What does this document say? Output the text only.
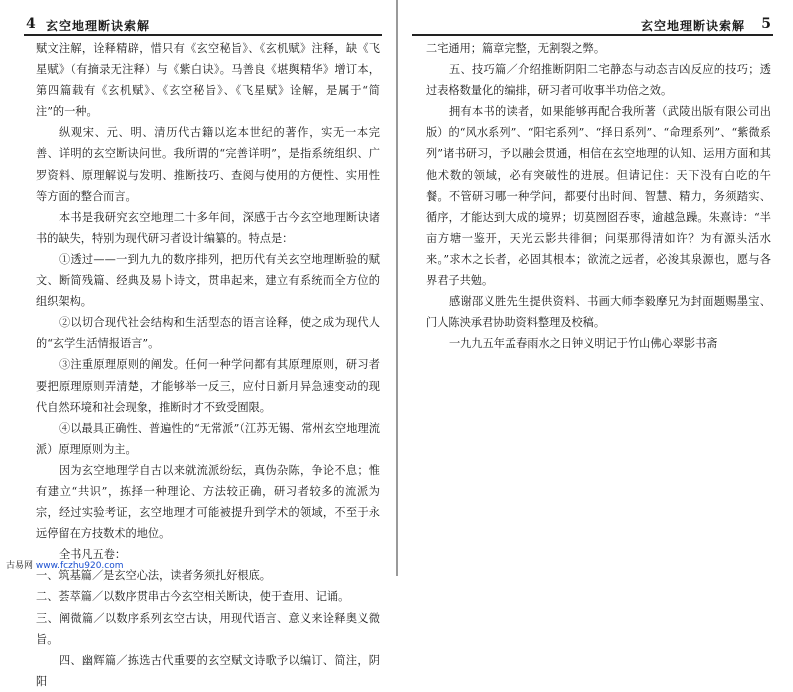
4 玄空地理断诀索解

赋文注解，诠释精辟，惜只有《玄空秘旨》、《玄机赋》注释，缺《飞星赋》（有摘录无注释）与《紫白诀》。马善良《堪舆精华》增订本，第四篇载有《玄机赋》、《玄空秘旨》、《飞星赋》诠解，是属于“简注”的一种。

纵观宋、元、明、清历代古籍以迄本世纪的著作，实无一本完善、详明的玄空断诀问世。我所谓的“完善详明”，是指系统组织、广罗资料、原理解说与发明、推断技巧、查阅与使用的方便性、实用性等方面的整合而言。

本书是我研究玄空地理二十多年间，深感于古今玄空地理断诀诸书的缺失，特别为现代研习者设计编纂的。特点是：

①透过——一到九九的数序排列，把历代有关玄空地理断验的赋文、断简残篇、经典及易卜诗文，贯串起来，建立有系统而全方位的组织架构。

②以切合现代社会结构和生活型态的语言诠释，使之成为现代人的“玄学生活情报语言”。

③注重原理原则的阐发。任何一种学问都有其原理原则，研习者要把原理原则弄清楚，才能够举一反三，应付日新月异急速变动的现代自然环境和社会现象，推断时才不致受囿限。

④以最具正确性、普遍性的“无常派”（江苏无锡、常州玄空地理流派）原理原则为主。

因为玄空地理学自古以来就流派纷纭，真伪杂陈，争论不息；惟有建立“共识”，拣择一种理论、方法较正确，研习者较多的流派为宗，经过实验考证，玄空地理才可能被提升到学术的领域，不至于永远停留在方技数术的地位。

全书凡五卷：

一、筑基篇／是玄空心法，读者务须扎好根底。

二、荟萃篇／以数序贯串古今玄空相关断诀，使于查用、记诵。

三、阐微篇／以数序系列玄空古诀，用现代语言、意义来诠释奥义微旨。

四、幽辉篇／拣选古代重要的玄空赋文诗歌予以编订、简注，阴阳

古易网 www.fczhu920.com
玄空地理断诀索解 5

二宅通用；篇章完整，无割裂之弊。

五、技巧篇／介绍推断阴阳二宅静态与动态吉凶反应的技巧；透过表格数量化的编排，研习者可收事半功倍之效。

拥有本书的读者，如果能够再配合我所著（武陵出版有限公司出版）的“风水系列”、“阳宅系列”、“择日系列”、“命理系列”、“紫微系列”诸书研习，予以融会贯通，相信在玄空地理的认知、运用方面和其他术数的领域，必有突破性的进展。但请记住：天下没有白吃的午餐。不管研习哪一种学问，都要付出时间、智慧、精力，务须踏实、循序，才能达到大成的境界；切莫囫囵吞枣，逾越急躁。朱熹诗：“半亩方塘一鉴开，天光云影共徘徊；问渠那得清如许？为有源头活水来。”求木之长者，必固其根本；欲流之远者，必浚其泉源也，愿与各界君子共勉。

感谢邵义胜先生提供资料、书画大师李毅摩兄为封面题赐墨宝、门人陈泱承君协助资料整理及校稿。

一九九五年孟春雨水之日钟义明记于竹山佛心翠影书斋
